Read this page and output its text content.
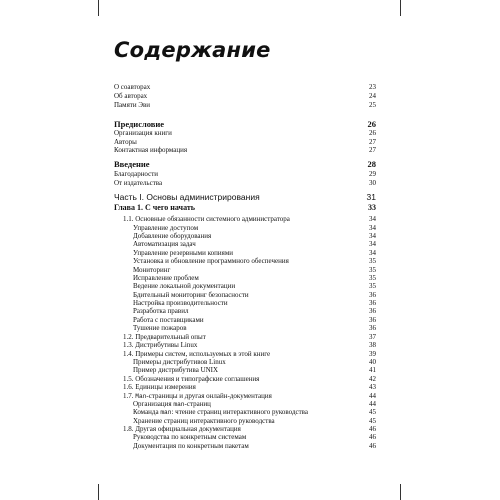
Содержание
О соавторах	23
Об авторах	24
Памяти Эви	25
Предисловие	26
Организация книги	26
Авторы	27
Контактная информация	27
Введение	28
Благодарности	29
От издательства	30
Часть I. Основы администрирования	31
Глава 1. С чего начать	33
1.1. Основные обязанности системного администратора	34
Управление доступом	34
Добавление оборудования	34
Автоматизация задач	34
Управление резервными копиями	34
Установка и обновление программного обеспечения	35
Мониторинг	35
Исправление проблем	35
Ведение локальной документации	35
Бдительный мониторинг безопасности	36
Настройка производительности	36
Разработка правил	36
Работа с поставщиками	36
Тушение пожаров	36
1.2. Предварительный опыт	37
1.3. Дистрибутивы Linux	38
1.4. Примеры систем, используемых в этой книге	39
Примеры дистрибутивов Linux	40
Пример дистрибутива UNIX	41
1.5. Обозначения и типографские соглашения	42
1.6. Единицы измерения	43
1.7. Man-страницы и другая онлайн-документация	44
Организация man-страниц	44
Команда man: чтение страниц интерактивного руководства	45
Хранение страниц интерактивного руководства	45
1.8. Другая официальная документация	46
Руководства по конкретным системам	46
Документация по конкретным пакетам	46
